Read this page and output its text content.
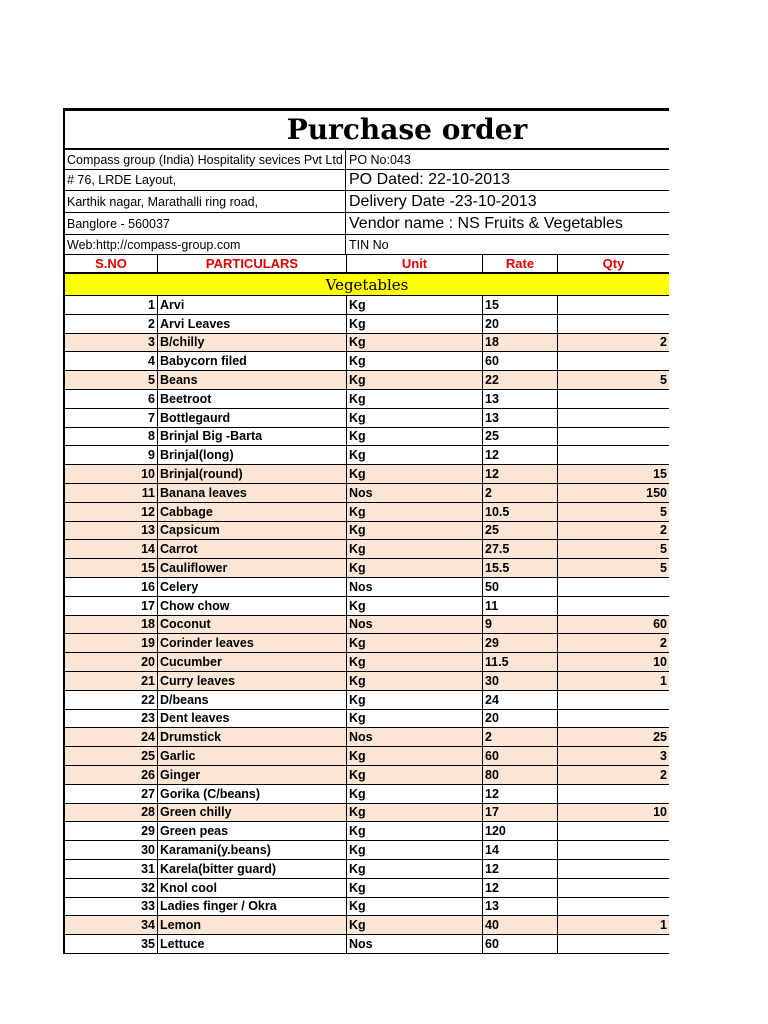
Purchase order
Compass group (India) Hospitality sevices Pvt Ltd PO No:043
# 76, LRDE Layout,	PO Dated: 22-10-2013
Karthik nagar, Marathalli ring road,	Delivery Date -23-10-2013
Banglore - 560037	Vendor name : NS Fruits & Vegetables
Web:http://compass-group.com	TIN No
S.NO	PARTICULARS	Unit	Rate	Qty
Vegetables
1 Arvi	Kg	15
2 Arvi Leaves	Kg	20
3 B/chilly	Kg	18	2
4 Babycorn filed	Kg	60
5 Beans	Kg	22	5
6 Beetroot	Kg	13
7 Bottlegaurd	Kg	13
8 Brinjal Big -Barta	Kg	25
9 Brinjal(long)	Kg	12
10 Brinjal(round)	Kg	12	15
11 Banana leaves	Nos	2	150
12 Cabbage	Kg	10.5	5
13 Capsicum	Kg	25	2
14 Carrot	Kg	27.5	5
15 Cauliflower	Kg	15.5	5
16 Celery	Nos	50
17 Chow chow	Kg	11
18 Coconut	Nos	9	60
19 Corinder leaves	Kg	29	2
20 Cucumber	Kg	11.5	10
21 Curry leaves	Kg	30	1
22 D/beans	Kg	24
23 Dent leaves	Kg	20
24 Drumstick	Nos	2	25
25 Garlic	Kg	60	3
26 Ginger	Kg	80	2
27 Gorika (C/beans)	Kg	12
28 Green chilly	Kg	17	10
29 Green peas	Kg	120
30 Karamani(y.beans)	Kg	14
31 Karela(bitter guard)	Kg	12
32 Knol cool	Kg	12
33 Ladies finger / Okra	Kg	13
34 Lemon	Kg	40	1
35 Lettuce	Nos	60
